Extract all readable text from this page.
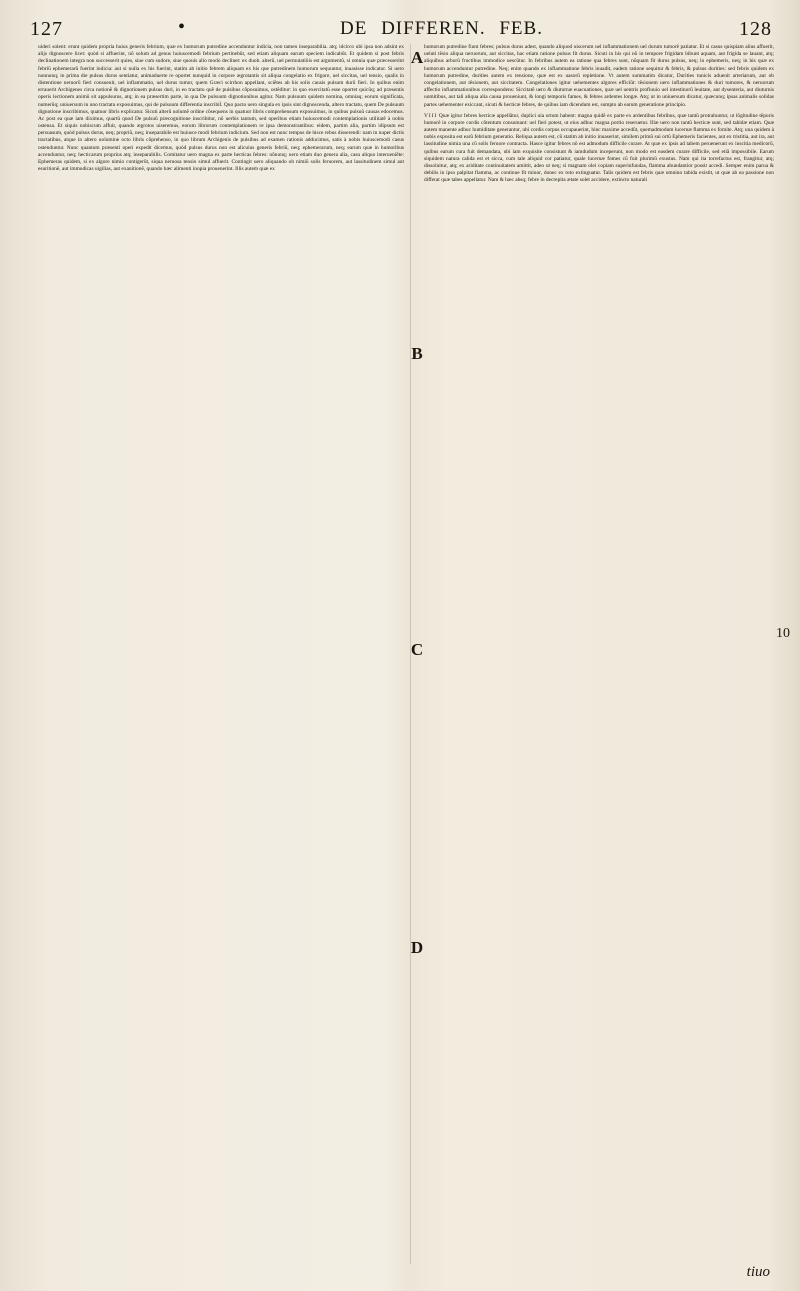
127	•	DE DIFFEREN. FEB.	128

uideri solent: erunt quidem propria huius generis febrium, quæ ex humorum putredine accenduntur indicia, non tamen inseparabilia. atq; idcirco ubi ipsa non adsint ex alijs dignoscere licet: quòd si affuerint, nõ solum ad genus huiuscemodi febrium pertinebũt, sed etiam aliquam earum speciem indicabũt. Et quidem si post febris declinationem integra non successerit quies, siue cum sudore, siue quouis alio modo declinet: ex duob. alterũ, uel permutatiõis est argumentũ, si omnia quæ præcesserint febriũ ephemerarũ fuerint indicia: aut si nulla ex his fuerint, statim ab initio febrem aliquam ex his que putredinem humorum sequuntur, inuasisse indicatur. Si uero nonnunq; in prima die pulsus durus sentiatur, animaduerte re oportet nunquid in corpore ægrotantis sit aliqua congelatio ex frigore, uel siccitas, uel tensio, qualis in distentione neruorũ fieri consueuit, uel inflammatio, uel durus tumor, quem Græci scirrhon appellant, sciẽtes ab his solis causis pulsum durũ fieri. In quibus enim errauerit Archigenes circa notionẽ & dignotionem pulsus duri, in eo tractatu quẽ de pulsibus cõposuimus, ostẽditur: in quo exercitatũ esse oportet quicũq; ad præsentis operis lectionem animũ sit appulsurus, atq; in ea præsertim parte, in qua De pulsuum dignotionibus agitur. Nam pulsuum quidem nomina, omniaq; eorum significata, numerũq; uniuersum in uno tractatu exposuimus, qui de pulsuum differentia inscribit̃. Quo pacto uero singula ex ipsis sint dignoscenda, altero tractatu, quem De pulsuum dignotione inscribimus, quatuor libris explicatur. Sicuti alterũ uolumẽ ordine cõsequens in quatuor libris comprehensum exposuimus, in quibus pulsuũ causas edocemus. Ac post ea quæ iam diximus, quartũ quod De pulsuũ præcognitione inscribitur, nõ uerbis tantum, sed operibus etiam huiuscemodi contemplationis utilitatẽ à nobis ostensa. Et siquis nobiscum affuit, quando ægrotos uiseremus, eorum librorum contemplationem re ipsa demonstrantibus: eidem, partim alia, partim idipsum est persuasum, quòd pulsus durus, neq; propriũ, neq; inseparabile est huiusce modi febrium indicium. Sed non est nunc tempus de hisce rebus disserendi: nam in nuper dictis tractatibus, atque in altero uolumine octo libris cõprehenso, in quo librum Archigenis de pulsibus ad examen rationis adducimus, satis à nobis huiuscemodi casus ostenduntur. Nunc quantum præsenti operi expedit dicemus, quòd pulsus durus non est alicuius generis febriũ, neq; ephemerarum, neq; earum quæ in humoribus accenduntur, neq; hecticarum proprius atq; inseparabilis. Comitatur uero magna ex parte hecticas febres: nõnunq; uero etiam duo genera alia, casu aliquo interueniẽte: Ephemeras quidem, si ex algore nimio contigerũt, siqua neruosa tensio simul affuerit. Contingit uero aliquando ob nimiũ solis feruorem, aut lassitudinem simul aut esuritionẽ, aut immodicas uigilias, aut exanitionẽ, quando hæc alimenti inopia prouenerint. Illis autem quæ ex

A
B
C
D
10

humorum putredine fiunt febres; pulsus durus adest, quando aliquod uiscerum uel inflammationem uel durum tumorẽ patiatur. Et si casus quispiam alius affuerit, ueluti tẽsio aliqua neruorum, aut siccitas, hac etiam ratione pulsus fit durus. Sicuti in his qui nõ in tempore frigidam bibunt aquam, aut frigida se lauant, atq; aliquibus arborũ fructibus immodice uescũtur. In febribus autem ea ratione qua febres sunt, nũquam fit durus pulsus, neq; in ephemeris, neq; in his quæ ex humorum accenduntur putredine. Neq; enim quando ex inflammatione febris inuadit, eadem ratione sequitur & febris, & pulsus durities: sed febris quidem ex humorum putredine, durities autem ex tensione, quæ est ex uasorũ repletione. Vt autem summatim dicatur, Durities tunicis aduenit arteriarum, aut ob congelationem, aut tẽsionem, aut siccitatem. Congelationes igitur uehementes algores efficiũt: tẽsionem uero inflammationes & duri tumores, & neruorum affectio inflammationibus correspondens: Siccitatẽ uero & diuturnæ euacuationes, quæ uel uentris profluuio uel intestinorũ leuitate, aut dysenteria, aut diuturnis uomitibus, aut tali aliqua alia causa proueniunt, & longi temporis fames, & febres ardentes longæ. Atq; ut in uniuersum dicatur, quæcunq; ipsas animalis solidas partes uehementer exiccant, sicuti & hecticæ febres, de quibus iam dicendum est, sumpto ab earum generatione principio.

VIII Quæ igitur febres hecticæ appellãtur, duplici uia ortum habent: magna quidẽ ex parte ex ardentibus febribus, quæ tantũ protrahuntur, ut lõgitudine tẽporis humorẽ in corpore cordis cõtentum consumant: uel fieri potest, ut eius adhuc magna portio reseruetur. Illæ uero non tantũ hecticæ sunt, sed tabidæ etiam. Quæ autem manente adhuc humiditate generantur, ubi cordis corpus occupauerint, hinc maxime accedũt, quemadmodum lucernæ flamma ex fomite. Atq; una quidem à nobis exposita est earũ febrium generatio. Reliqua autem est, cũ statim ab initio inuaserint, similem primũ sui ortũ Ephemeris facientes, aut ex tristitia, aut ira, aut lassitudine nimia una cũ solis feruore contracta. Hasce igitur febres nõ est admodum difficile curare. At quæ ex ipsis ad tabem peruenerunt ex inscitia medicorũ, quibus earum cura fuit demandata, ubi iam exquisite consistunt & iamdudum inceperunt, non modo est easdem curare difficile, sed etiã impossibile. Earum siquidem natura calida est et sicca, cum tale aliquid cor patiatur, quale lucernæ fomes cũ fuit plurimũ exustus. Nam qui ita torrefactus est, frangitur, atq; dissoluitur, atq; ex ariditate continuitatem amittit, adeo ut neq; si magnam olei copiam superinfundas, flamma abundantior possit accedi. Semper enim parua & debilis in ipso palpitat flamma, ac continue fit minor, donec ex toto extinguatur. Talis quidem est febris quæ omnino tabida existit, ut quæ ab ea passione non differat quæ tabes appellatur. Nam & hæc absq; febre in decrepita ætate solet accidere, extincto naturali

tiuo
